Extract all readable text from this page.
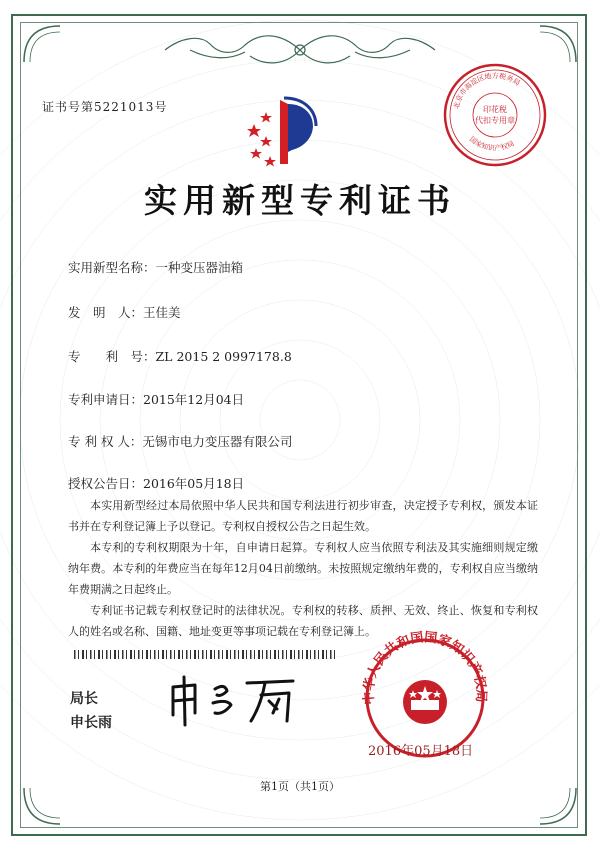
证书号第5221013号	印花税
代扣专用章
北京市海淀区地方税务局
国家知识产权局
实用新型专利证书
实用新型名称：一种变压器油箱
发　明　人：王佳美
专　　利　号：ZL 2015 2 0997178.8
专利申请日：2015年12月04日
专 利 权 人：无锡市电力变压器有限公司
授权公告日：2016年05月18日
本实用新型经过本局依照中华人民共和国专利法进行初步审查，决定授予专利权，颁发本证书并在专利登记簿上予以登记。专利权自授权公告之日起生效。
本专利的专利权期限为十年，自申请日起算。专利权人应当依照专利法及其实施细则规定缴纳年费。本专利的年费应当在每年12月04日前缴纳。未按照规定缴纳年费的，专利权自应当缴纳年费期满之日起终止。
专利证书记载专利权登记时的法律状况。专利权的转移、质押、无效、终止、恢复和专利权人的姓名或名称、国籍、地址变更等事项记载在专利登记簿上。
局长
申长雨
中华人民共和国国家知识产权局
2016年05月18日
第1页（共1页）
